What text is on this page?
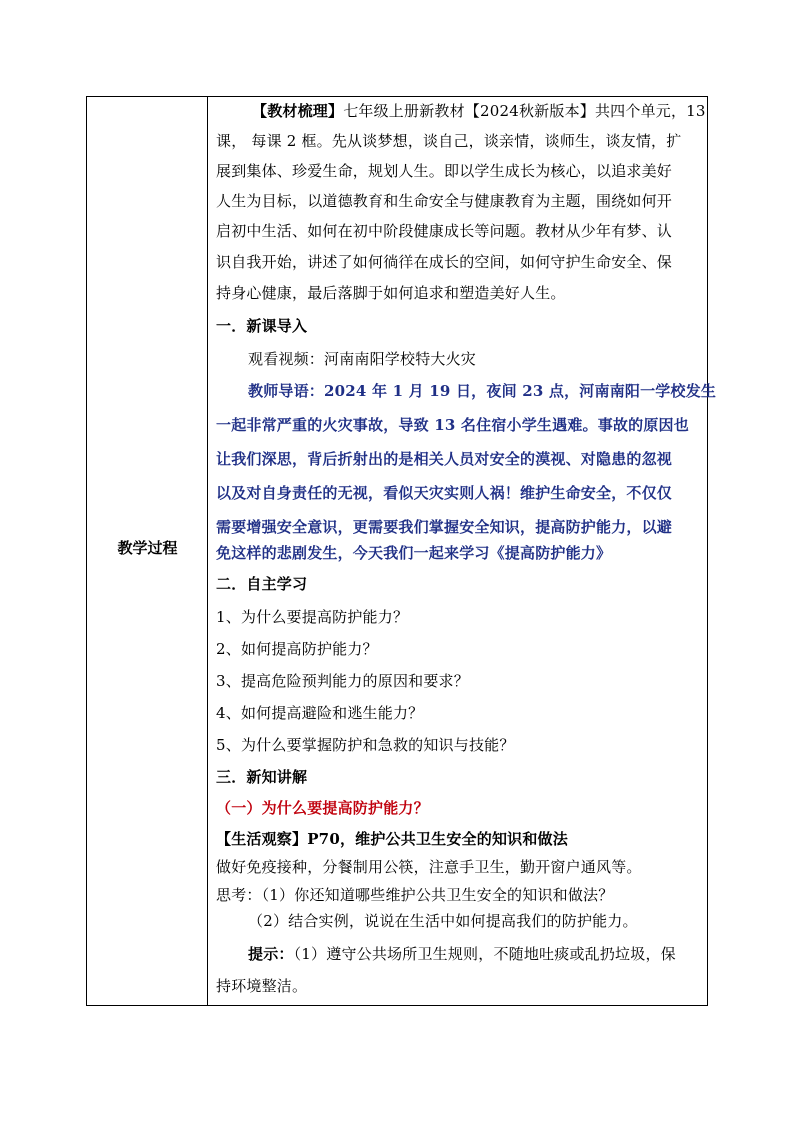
教学过程
【教材梳理】七年级上册新教材【2024秋新版本】共四个单元，13
课， 每课 2 框。先从谈梦想，谈自己，谈亲情，谈师生，谈友情，扩
展到集体、珍爱生命，规划人生。即以学生成长为核心，以追求美好
人生为目标，以道德教育和生命安全与健康教育为主题，围绕如何开
启初中生活、如何在初中阶段健康成长等问题。教材从少年有梦、认
识自我开始，讲述了如何徜徉在成长的空间，如何守护生命安全、保
持身心健康，最后落脚于如何追求和塑造美好人生。
一．新课导入
观看视频：河南南阳学校特大火灾
教师导语：2024 年 1 月 19 日，夜间 23 点，河南南阳一学校发生
一起非常严重的火灾事故，导致 13 名住宿小学生遇难。事故的原因也
让我们深思，背后折射出的是相关人员对安全的漠视、对隐患的忽视
以及对自身责任的无视，看似天灾实则人祸！维护生命安全，不仅仅
需要增强安全意识，更需要我们掌握安全知识，提高防护能力，以避
免这样的悲剧发生，今天我们一起来学习《提高防护能力》
二．自主学习
1、为什么要提高防护能力？
2、如何提高防护能力？
3、提高危险预判能力的原因和要求？
4、如何提高避险和逃生能力？
5、为什么要掌握防护和急救的知识与技能？
三．新知讲解
（一）为什么要提高防护能力？
【生活观察】P70，维护公共卫生安全的知识和做法
做好免疫接种，分餐制用公筷，注意手卫生，勤开窗户通风等。
思考：（1）你还知道哪些维护公共卫生安全的知识和做法？
（2）结合实例，说说在生活中如何提高我们的防护能力。
提示：（1）遵守公共场所卫生规则，不随地吐痰或乱扔垃圾，保
持环境整洁。
